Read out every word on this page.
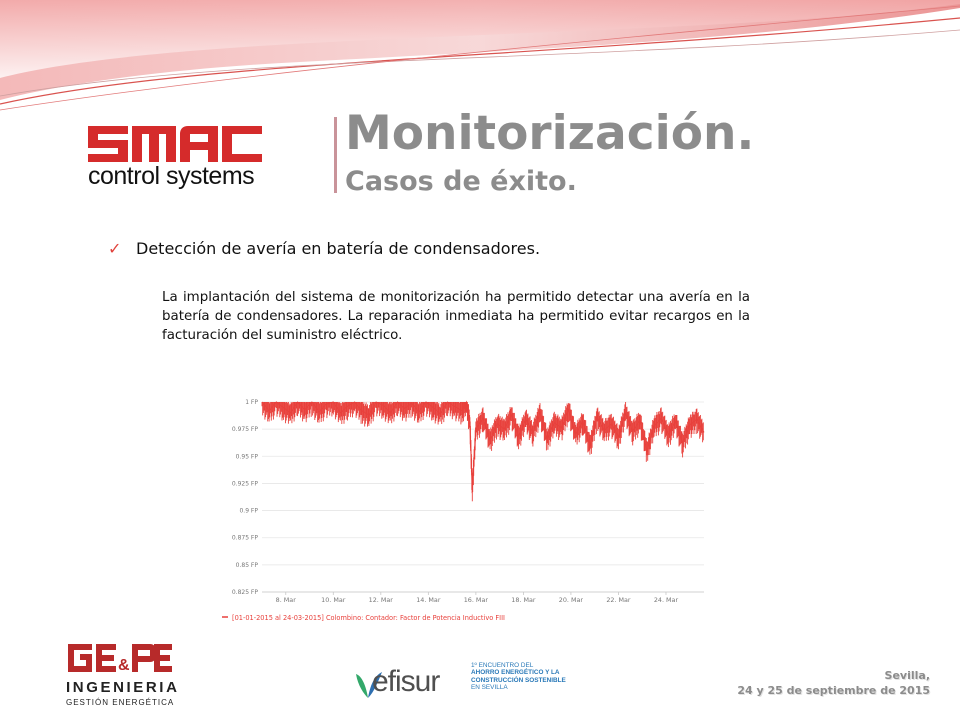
control systems
Monitorización.
Casos de éxito.
✓ Detección de avería en batería de condensadores.
La implantación del sistema de monitorización ha permitido detectar una avería en la batería de condensadores. La reparación inmediata ha permitido evitar recargos en la facturación del suministro eléctrico.
1 FP
0.975 FP
0.95 FP
0.925 FP
0.9 FP
0.875 FP
0.85 FP
0.825 FP
8. Mar	10. Mar	12. Mar	14. Mar	16. Mar	18. Mar	20. Mar	22. Mar	24. Mar
[01-01-2015 al 24-03-2015] Colombino: Contador: Factor de Potencia Inductivo FIII
&
INGENIERIA
GESTIÓN ENERGÉTICA
efisur	1º ENCUENTRO DEL
AHORRO ENERGÉTICO Y LA
CONSTRUCCIÓN SOSTENIBLE
EN SEVILLA
Sevilla,
24 y 25 de septiembre de 2015
